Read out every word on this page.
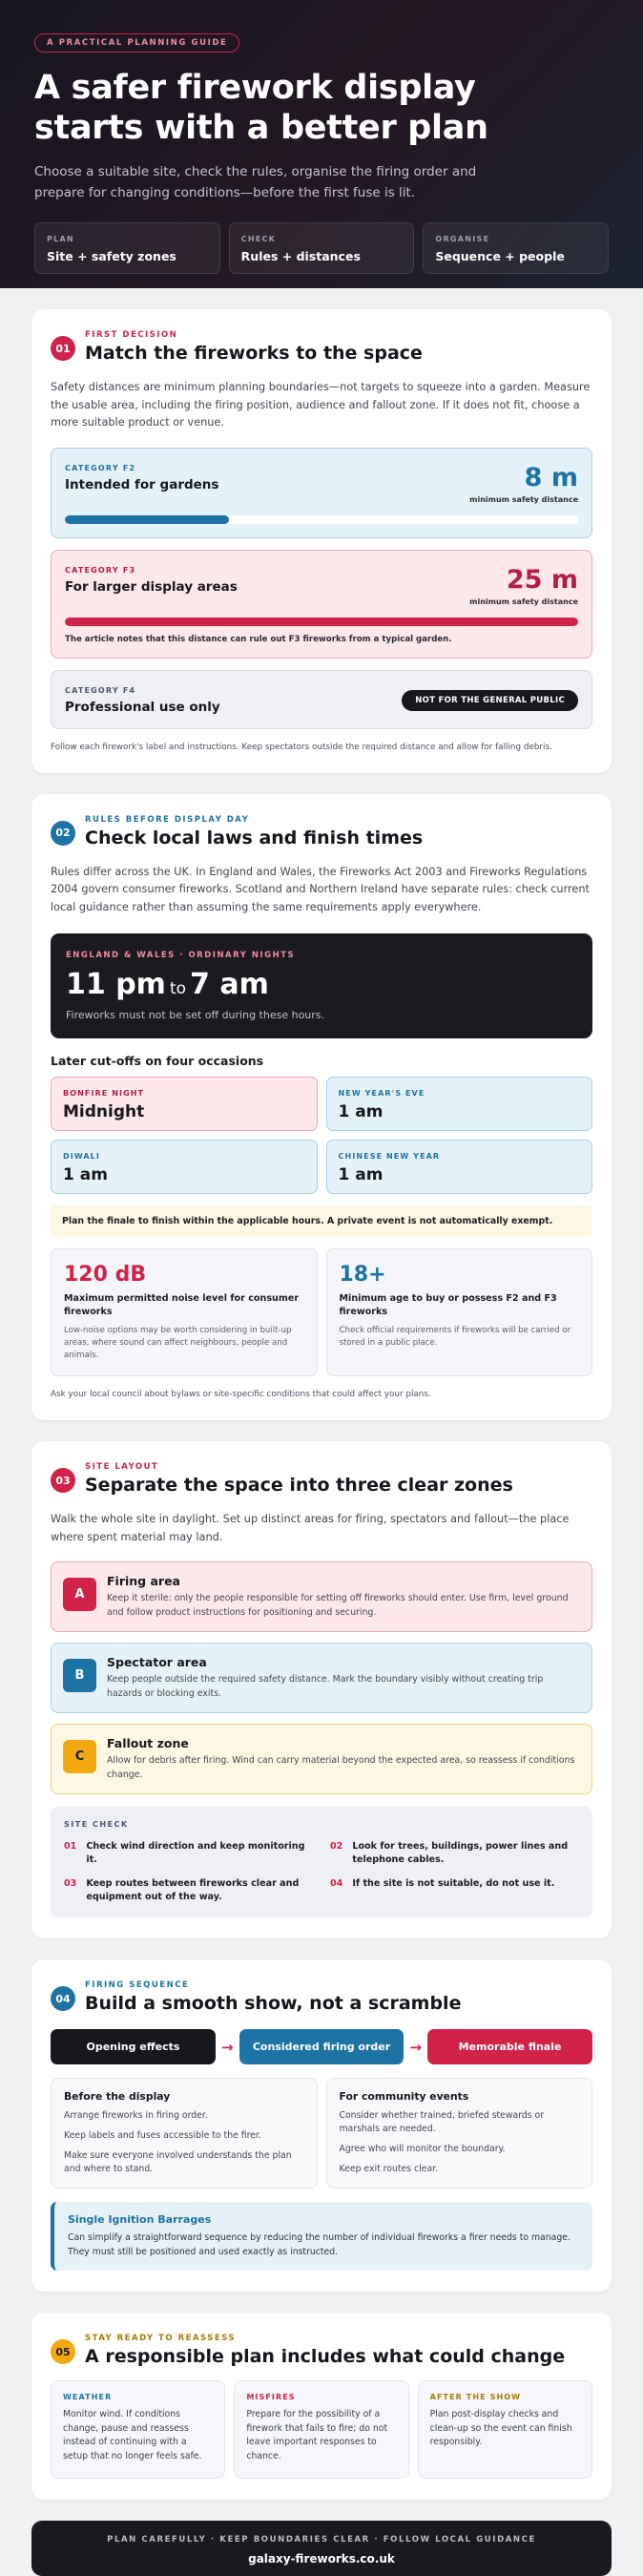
A PRACTICAL PLANNING GUIDE
A safer firework display
starts with a better plan

Choose a suitable site, check the rules, organise the firing order and prepare for changing conditions—before the first fuse is lit.

PLAN
Site + safety zones
CHECK
Rules + distances
ORGANISE
Sequence + people
01
FIRST DECISION
Match the fireworks to the space

Safety distances are minimum planning boundaries—not targets to squeeze into a garden. Measure the usable area, including the firing position, audience and fallout zone. If it does not fit, choose a more suitable product or venue.

CATEGORY F2
Intended for gardens	8 m
minimum safety distance
CATEGORY F3
For larger display areas	25 m
minimum safety distance
The article notes that this distance can rule out F3 fireworks from a typical garden.
CATEGORY F4
Professional use only	NOT FOR THE GENERAL PUBLIC

Follow each firework's label and instructions. Keep spectators outside the required distance and allow for falling debris.

02
RULES BEFORE DISPLAY DAY
Check local laws and finish times

Rules differ across the UK. In England and Wales, the Fireworks Act 2003 and Fireworks Regulations 2004 govern consumer fireworks. Scotland and Northern Ireland have separate rules: check current local guidance rather than assuming the same requirements apply everywhere.

ENGLAND & WALES · ORDINARY NIGHTS
11 pm to 7 am
Fireworks must not be set off during these hours.
Later cut-offs on four occasions
BONFIRE NIGHT
Midnight
NEW YEAR'S EVE
1 am
DIWALI
1 am
CHINESE NEW YEAR
1 am
Plan the finale to finish within the applicable hours. A private event is not automatically exempt.
120 dB
Maximum permitted noise level for consumer fireworks
Low-noise options may be worth considering in built-up areas, where sound can affect neighbours, people and animals.
18+
Minimum age to buy or possess F2 and F3 fireworks
Check official requirements if fireworks will be carried or stored in a public place.

Ask your local council about bylaws or site-specific conditions that could affect your plans.

03
SITE LAYOUT
Separate the space into three clear zones

Walk the whole site in daylight. Set up distinct areas for firing, spectators and fallout—the place where spent material may land.

A
Firing area
Keep it sterile: only the people responsible for setting off fireworks should enter. Use firm, level ground and follow product instructions for positioning and securing.
B
Spectator area
Keep people outside the required safety distance. Mark the boundary visibly without creating trip hazards or blocking exits.
C
Fallout zone
Allow for debris after firing. Wind can carry material beyond the expected area, so reassess if conditions change.
SITE CHECK
01 Check wind direction and keep monitoring it.
02 Look for trees, buildings, power lines and telephone cables.
03 Keep routes between fireworks clear and equipment out of the way.
04 If the site is not suitable, do not use it.
04
FIRING SEQUENCE
Build a smooth show, not a scramble
Opening effects	→	Considered firing order	→	Memorable finale
Before the display
Arrange fireworks in firing order.
Keep labels and fuses accessible to the firer.
Make sure everyone involved understands the plan and where to stand.
For community events
Consider whether trained, briefed stewards or marshals are needed.
Agree who will monitor the boundary.
Keep exit routes clear.
Single Ignition Barrages
Can simplify a straightforward sequence by reducing the number of individual fireworks a firer needs to manage. They must still be positioned and used exactly as instructed.
05
STAY READY TO REASSESS
A responsible plan includes what could change
WEATHER
Monitor wind. If conditions change, pause and reassess instead of continuing with a setup that no longer feels safe.
MISFIRES
Prepare for the possibility of a firework that fails to fire; do not leave important responses to chance.
AFTER THE SHOW
Plan post-display checks and clean-up so the event can finish responsibly.
PLAN CAREFULLY · KEEP BOUNDARIES CLEAR · FOLLOW LOCAL GUIDANCE
galaxy-fireworks.co.uk
